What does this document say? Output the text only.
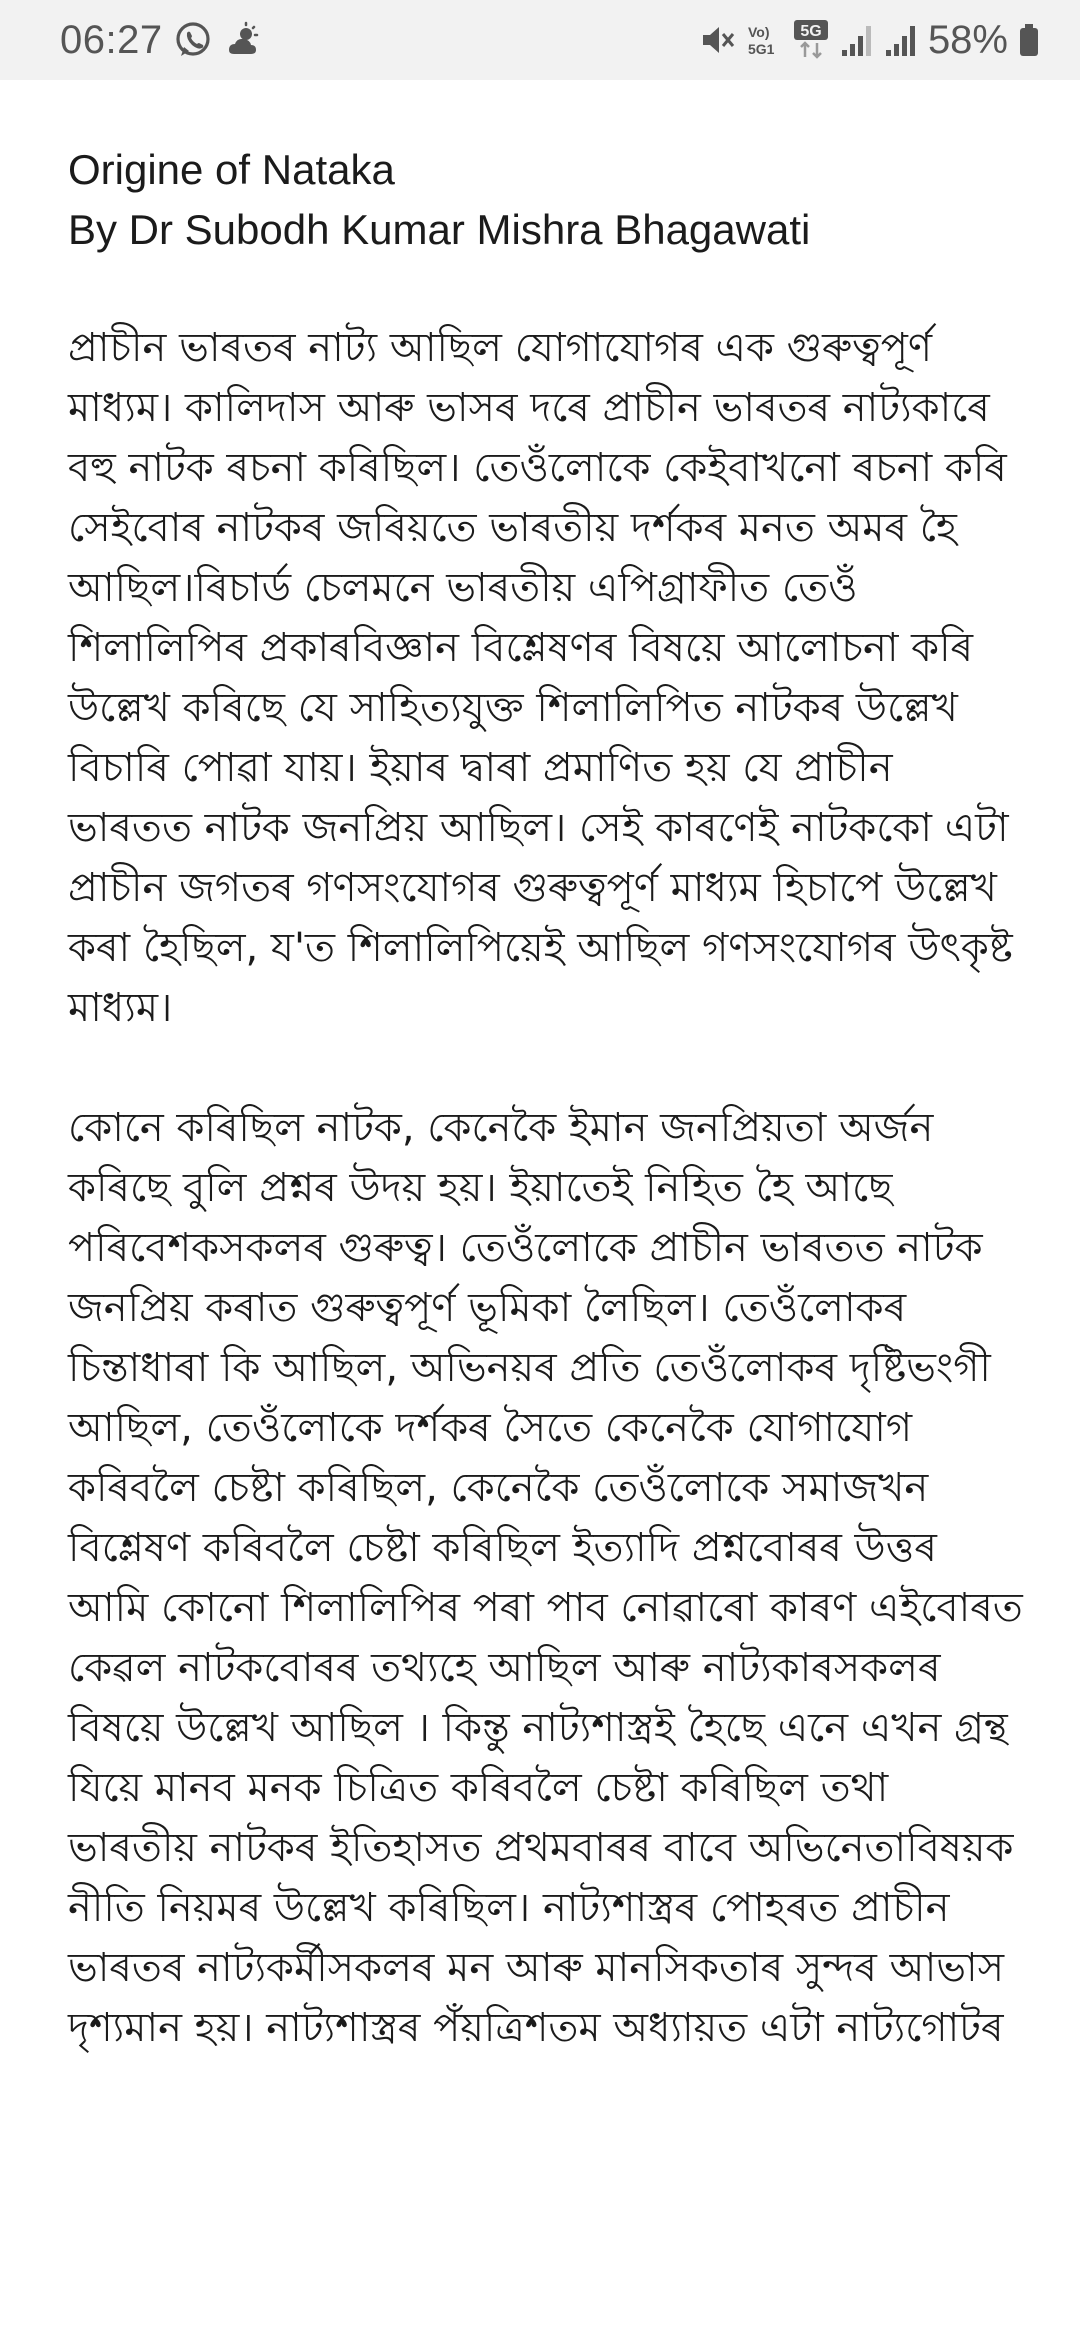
06:27	Vo)
5G1
5G	58%

Origine of Nataka

By Dr Subodh Kumar Mishra Bhagawati

প্ৰাচীন ভাৰতৰ নাট্য আছিল যোগাযোগৰ এক গুৰুত্বপূৰ্ণ মাধ্যম। কালিদাস আৰু ভাসৰ দৰে প্ৰাচীন ভাৰতৰ নাট্যকাৰে বহু নাটক ৰচনা কৰিছিল। তেওঁলোকে কেইবাখনো ৰচনা কৰি সেইবোৰ নাটকৰ জৰিয়তে ভাৰতীয় দৰ্শকৰ মনত অমৰ হৈ আছিল।ৰিচাৰ্ড চেলমনে ভাৰতীয় এপিগ্ৰাফীত তেওঁ শিলালিপিৰ প্ৰকাৰবিজ্ঞান বিশ্লেষণৰ বিষয়ে আলোচনা কৰি উল্লেখ কৰিছে যে সাহিত্যযুক্ত শিলালিপিত নাটকৰ উল্লেখ বিচাৰি পোৱা যায়। ইয়াৰ দ্বাৰা প্ৰমাণিত হয় যে প্ৰাচীন ভাৰতত নাটক জনপ্ৰিয় আছিল। সেই কাৰণেই নাটককো এটা প্ৰাচীন জগতৰ গণসংযোগৰ গুৰুত্বপূৰ্ণ মাধ্যম হিচাপে উল্লেখ কৰা হৈছিল, য'ত শিলালিপিয়েই আছিল গণসংযোগৰ উৎকৃষ্ট মাধ্যম।

কোনে কৰিছিল নাটক, কেনেকৈ ইমান জনপ্ৰিয়তা অৰ্জন কৰিছে বুলি প্ৰশ্নৰ উদয় হয়। ইয়াতেই নিহিত হৈ আছে পৰিবেশকসকলৰ গুৰুত্ব। তেওঁলোকে প্ৰাচীন ভাৰতত নাটক জনপ্ৰিয় কৰাত গুৰুত্বপূৰ্ণ ভূমিকা লৈছিল। তেওঁলোকৰ চিন্তাধাৰা কি আছিল, অভিনয়ৰ প্ৰতি তেওঁলোকৰ দৃষ্টিভংগী আছিল, তেওঁলোকে দৰ্শকৰ সৈতে কেনেকৈ যোগাযোগ কৰিবলৈ চেষ্টা কৰিছিল, কেনেকৈ তেওঁলোকে সমাজখন বিশ্লেষণ কৰিবলৈ চেষ্টা কৰিছিল ইত্যাদি প্ৰশ্নবোৰৰ উত্তৰ আমি কোনো শিলালিপিৰ পৰা পাব নোৱাৰো কাৰণ এইবোৰত কেৱল নাটকবোৰৰ তথ্যহে আছিল আৰু নাট্যকাৰসকলৰ বিষয়ে উল্লেখ আছিল । কিন্তু নাট্যশাস্ত্ৰই হৈছে এনে এখন গ্ৰন্থ যিয়ে মানব মনক চিত্ৰিত কৰিবলৈ চেষ্টা কৰিছিল তথা ভাৰতীয় নাটকৰ ইতিহাসত প্ৰথমবাৰৰ বাবে অভিনেতাবিষয়ক নীতি নিয়মৰ উল্লেখ কৰিছিল। নাট্যশাস্ত্ৰৰ পোহৰত প্ৰাচীন ভাৰতৰ নাট্যকৰ্মীসকলৰ মন আৰু মানসিকতাৰ সুন্দৰ আভাস দৃশ্যমান হয়। নাট্যশাস্ত্ৰৰ পঁয়ত্ৰিশতম অধ্যায়ত এটা নাট্যগোটৰ
